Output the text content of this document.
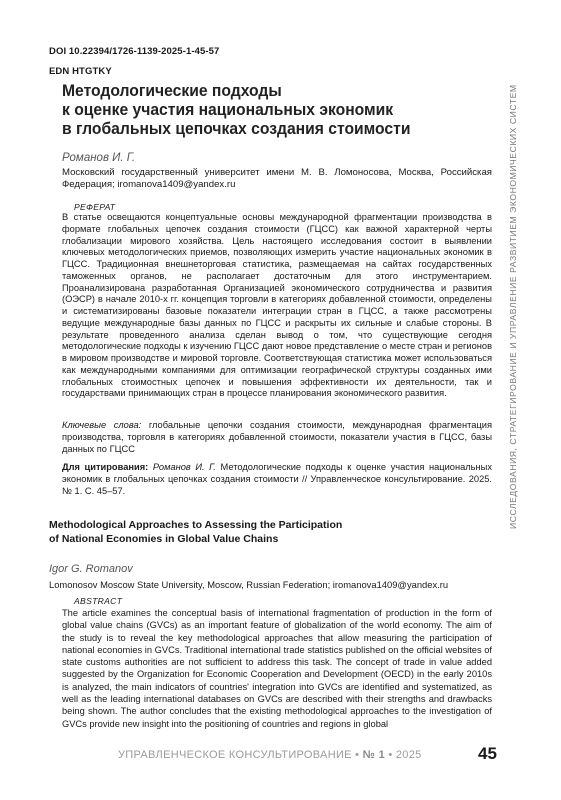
DOI 10.22394/1726-1139-2025-1-45-57
EDN HTGTKY
Методологические подходы
к оценке участия национальных экономик
в глобальных цепочках создания стоимости
Романов И. Г.
Московский государственный университет имени М. В. Ломоносова, Москва, Российская Федерация; iromanova1409@yandex.ru
РЕФЕРАТ
В статье освещаются концептуальные основы международной фрагментации производства в формате глобальных цепочек создания стоимости (ГЦСС) как важной характерной черты глобализации мирового хозяйства. Цель настоящего исследования состоит в выявлении ключевых методологических приемов, позволяющих измерить участие национальных экономик в ГЦСС. Традиционная внешнеторговая статистика, размещаемая на сайтах государственных таможенных органов, не располагает достаточным для этого инструментарием. Проанализирована разработанная Организацией экономического сотрудничества и развития (ОЭСР) в начале 2010-х гг. концепция торговли в категориях добавленной стоимости, определены и систематизированы базовые показатели интеграции стран в ГЦСС, а также рассмотрены ведущие международные базы данных по ГЦСС и раскрыты их сильные и слабые стороны. В результате проведенного анализа сделан вывод о том, что существующие сегодня методологические подходы к изучению ГЦСС дают новое представление о месте стран и регионов в мировом производстве и мировой торговле. Соответствующая статистика может использоваться как международными компаниями для оптимизации географической структуры созданных ими глобальных стоимостных цепочек и повышения эффективности их деятельности, так и государствами принимающих стран в процессе планирования экономического развития.
Ключевые слова: глобальные цепочки создания стоимости, международная фрагментация производства, торговля в категориях добавленной стоимости, показатели участия в ГЦСС, базы данных по ГЦСС
Для цитирования: Романов И. Г. Методологические подходы к оценке участия национальных экономик в глобальных цепочках создания стоимости // Управленческое консультирование. 2025. № 1. С. 45–57.
Methodological Approaches to Assessing the Participation
of National Economies in Global Value Chains
Igor G. Romanov
Lomonosov Moscow State University, Moscow, Russian Federation; iromanova1409@yandex.ru
ABSTRACT
The article examines the conceptual basis of international fragmentation of production in the form of global value chains (GVCs) as an important feature of globalization of the world economy. The aim of the study is to reveal the key methodological approaches that allow measuring the participation of national economies in GVCs. Traditional international trade statistics published on the official websites of state customs authorities are not sufficient to address this task. The concept of trade in value added suggested by the Organization for Economic Cooperation and Development (OECD) in the early 2010s is analyzed, the main indicators of countries' integration into GVCs are identified and systematized, as well as the leading international databases on GVCs are described with their strengths and drawbacks being shown. The author concludes that the existing methodological approaches to the investigation of GVCs provide new insight into the positioning of countries and regions in global
УПРАВЛЕНЧЕСКОЕ КОНСУЛЬТИРОВАНИЕ • № 1 • 2025	45
ИССЛЕДОВАНИЯ, СТРАТЕГИРОВАНИЕ И УПРАВЛЕНИЕ РАЗВИТИЕМ ЭКОНОМИЧЕСКИХ СИСТЕМ
